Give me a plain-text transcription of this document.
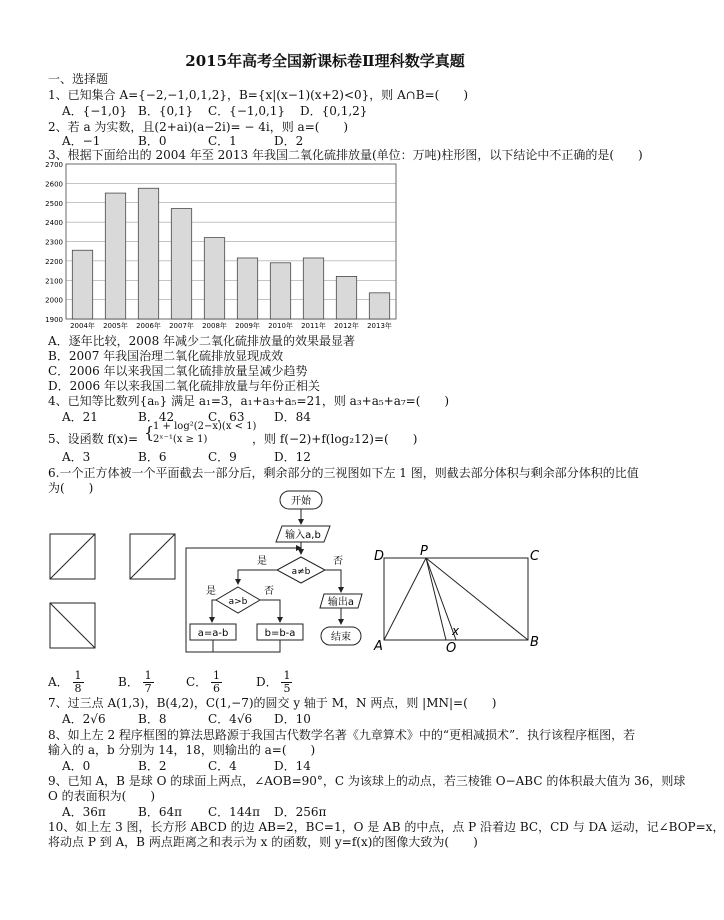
2015年高考全国新课标卷Ⅱ理科数学真题
一、选择题
1、已知集合 A={−2,−1,0,1,2}，B={x|(x−1)(x+2)<0}，则 A∩B=(　　)
A．{−1,0} B．{0,1} C．{−1,0,1} D．{0,1,2}
2、若 a 为实数，且(2+ai)(a−2i)= − 4i，则 a=(　　)
A．−1	B．0	C．1	D．2
3、根据下面给出的 2004 年至 2013 年我国二氧化硫排放量(单位：万吨)柱形图，以下结论中不正确的是(　　)
1900
2000
2100
2200
2300
2400
2500
2600
2700
2004年 2005年 2006年 2007年 2008年 2009年 2010年 2011年 2012年 2013年
A．逐年比较，2008 年减少二氧化硫排放量的效果最显著
B．2007 年我国治理二氧化硫排放显现成效
C．2006 年以来我国二氧化硫排放量呈减少趋势
D．2006 年以来我国二氧化硫排放量与年份正相关
4、已知等比数列{aₙ} 满足 a₁=3，a₁+a₃+a₅=21，则 a₃+a₅+a₇=(　　)
A．21	B．42	C．63 D．84
5、设函数 f(x)= {
1 + log²(2−x)(x < 1)
2ˣ⁻¹(x ≥ 1)	，则 f(−2)+f(log₂12)=(　　)
A．3	B．6	C．9	D．12
6.一个正方体被一个平面截去一部分后，剩余部分的三视图如下左 1 图，则截去部分体积与剩余部分体积的比值
为(　　)
开始
输入a,b
a≠b
是	否
输出a
结束
a>b
是	否
a=a-b	b=b-a
D	P	C
A	O	B
x
A． $\frac{1}{8}$	B． $\frac{1}{7}$	C． $\frac{1}{6}$	D． $\frac{1}{5}$
7、过三点 A(1,3)，B(4,2)，C(1,−7)的圆交 y 轴于 M，N 两点，则 |MN|=(　　)
A．2√6	B．8	C．4√6 D．10
8、如上左 2 程序框图的算法思路源于我国古代数学名著《九章算术》中的“更相减损术”．执行该程序框图，若
输入的 a，b 分别为 14，18，则输出的 a=(　　)
A．0	B．2	C．4	D．14
9、已知 A，B 是球 O 的球面上两点，∠AOB=90°，C 为该球上的动点，若三棱锥 O−ABC 的体积最大值为 36，则球
O 的表面积为(　　)
A．36π	B．64π C．144π D．256π
10、如上左 3 图，长方形 ABCD 的边 AB=2，BC=1，O 是 AB 的中点，点 P 沿着边 BC，CD 与 DA 运动，记∠BOP=x，
将动点 P 到 A，B 两点距离之和表示为 x 的函数，则 y=f(x)的图像大致为(　　)
